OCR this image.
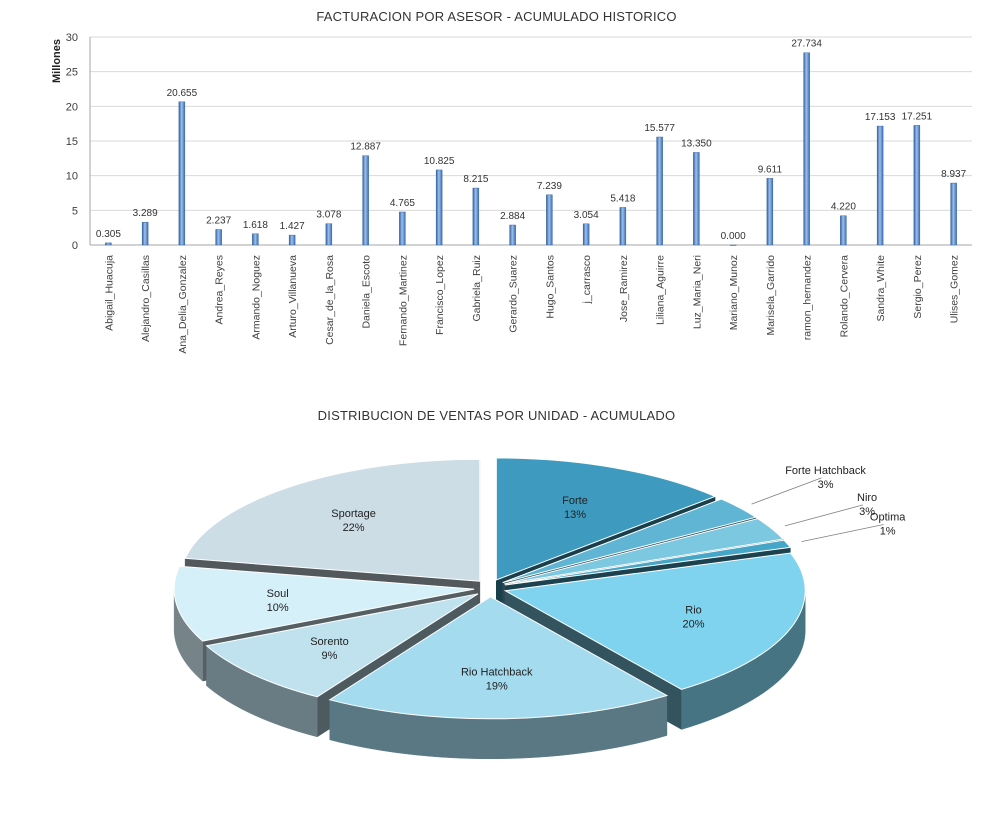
FACTURACION POR ASESOR - ACUMULADO HISTORICO
DISTRIBUCION DE VENTAS POR UNIDAD - ACUMULADO
0
5
10
15
20
25
30
Millones
0.305
Abigail_Huacuja
3.289
Alejandro_Casillas
20.655
Ana_Delia_Gonzalez
2.237
Andrea_Reyes
1.618
Armando_Noguez
1.427
Arturo_Villanueva
3.078
Cesar_de_la_Rosa
12.887
Daniela_Escoto
4.765
Fernando_Martinez
10.825
Francisco_Lopez
8.215
Gabriela_Ruiz
2.884
Gerardo_Suarez
7.239
Hugo_Santos
3.054
j_carrasco
5.418
Jose_Ramirez
15.577
Liliana_Aguirre
13.350
Luz_Maria_Neri
0.000
Mariano_Munoz
9.611
Marisela_Garrido
27.734
ramon_hernandez
4.220
Rolando_Cervera
17.153
Sandra_White
17.251
Sergio_Perez
8.937
Ulises_Gomez
Forte
13%
Forte Hatchback
3%
Niro
3%
Optima
1%
Rio
20%
Rio Hatchback
19%
Sorento
9%
Soul
10%
Sportage
22%
